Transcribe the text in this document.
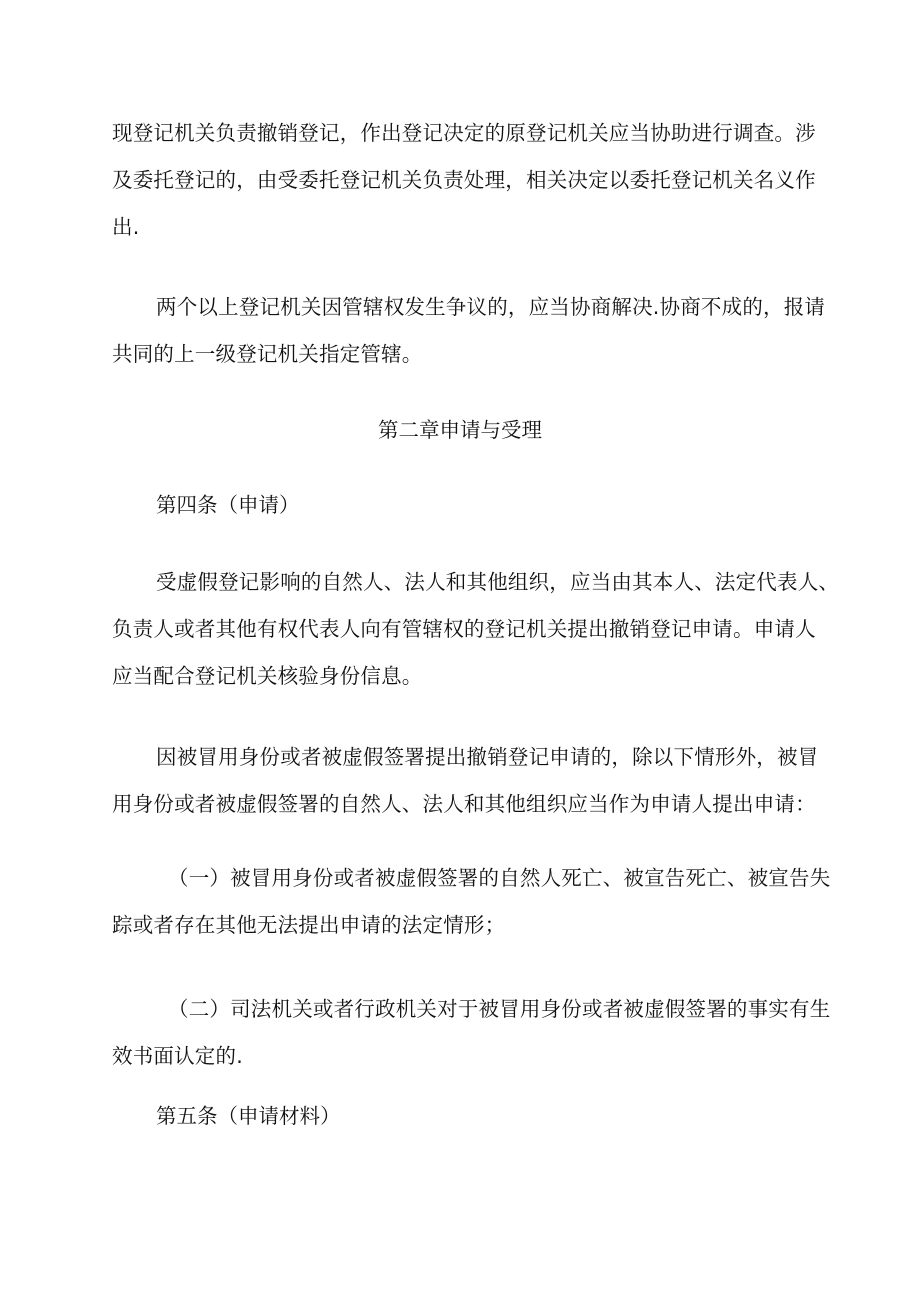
现登记机关负责撤销登记，作出登记决定的原登记机关应当协助进行调查。涉

及委托登记的，由受委托登记机关负责处理，相关决定以委托登记机关名义作

出.

两个以上登记机关因管辖权发生争议的，应当协商解决.协商不成的，报请

共同的上一级登记机关指定管辖。

第二章申请与受理
第四条（申请）

受虚假登记影响的自然人、法人和其他组织，应当由其本人、法定代表人、

负责人或者其他有权代表人向有管辖权的登记机关提出撤销登记申请。申请人

应当配合登记机关核验身份信息。

因被冒用身份或者被虚假签署提出撤销登记申请的，除以下情形外，被冒

用身份或者被虚假签署的自然人、法人和其他组织应当作为申请人提出申请：

（一）被冒用身份或者被虚假签署的自然人死亡、被宣告死亡、被宣告失

踪或者存在其他无法提出申请的法定情形；

（二）司法机关或者行政机关对于被冒用身份或者被虚假签署的事实有生

效书面认定的.

第五条（申请材料）
